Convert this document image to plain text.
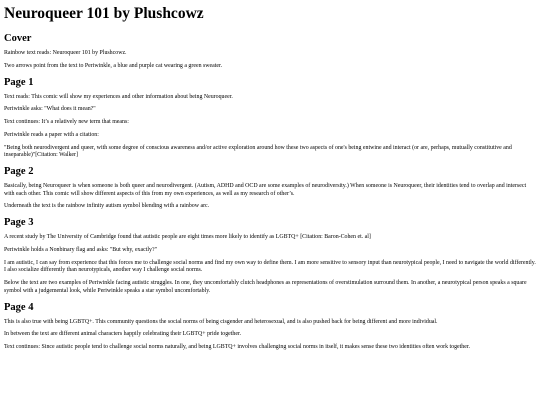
Neuroqueer 101 by Plushcowz
Cover

Rainbow text reads: Neuroqueer 101 by Plushcowz.

Two arrows point from the text to Periwinkle, a blue and purple cat wearing a green sweater.

Page 1

Text reads: This comic will show my experiences and other information about being Neuroqueer.

Periwinkle asks: "What does it mean?"

Text continues: It’s a relatively new term that means:

Periwinkle reads a paper with a citation:

"Being both neurodivergent and queer, with some degree of conscious awareness and/or active exploration around how these two aspects of one's being entwine and interact (or are, perhaps, mutually constitutive and inseparable)"[Citation: Walker]

Page 2

Basically, being Neuroqueer is when someone is both queer and neurodivergent. (Autism, ADHD and OCD are some examples of neurodiversity.) When someone is Neuroqueer, their identities tend to overlap and intersect with each other. This comic will show different aspects of this from my own experiences, as well as my research of other’s.

Underneath the text is the rainbow infinity autism symbol blending with a rainbow arc.

Page 3

A recent study by The University of Cambridge found that autistic people are eight times more likely to identify as LGBTQ+ [Citation: Baron-Cohen et. al]

Periwinkle holds a Nonbinary flag and asks: "But why, exactly?"

I am autistic, I can say from experience that this forces me to challenge social norms and find my own way to define them. I am more sensitive to sensory input than neurotypical people, I need to navigate the world differently. I also socialize differently than neurotypicals, another way I challenge social norms.

Below the text are two examples of Periwinkle facing autistic struggles. In one, they uncomfortably clutch headphones as representations of overstimulation surround them. In another, a neurotypical person speaks a square symbol with a judgemental look, while Periwinkle speaks a star symbol uncomfortably.

Page 4

This is also true with being LGBTQ+. This community questions the social norms of being cisgender and heterosexual, and is also pushed back for being different and more individual.

In between the text are different animal characters happily celebrating their LGBTQ+ pride together.

Text continues: Since autistic people tend to challenge social norms naturally, and being LGBTQ+ involves challenging social norms in itself, it makes sense these two identities often work together.
